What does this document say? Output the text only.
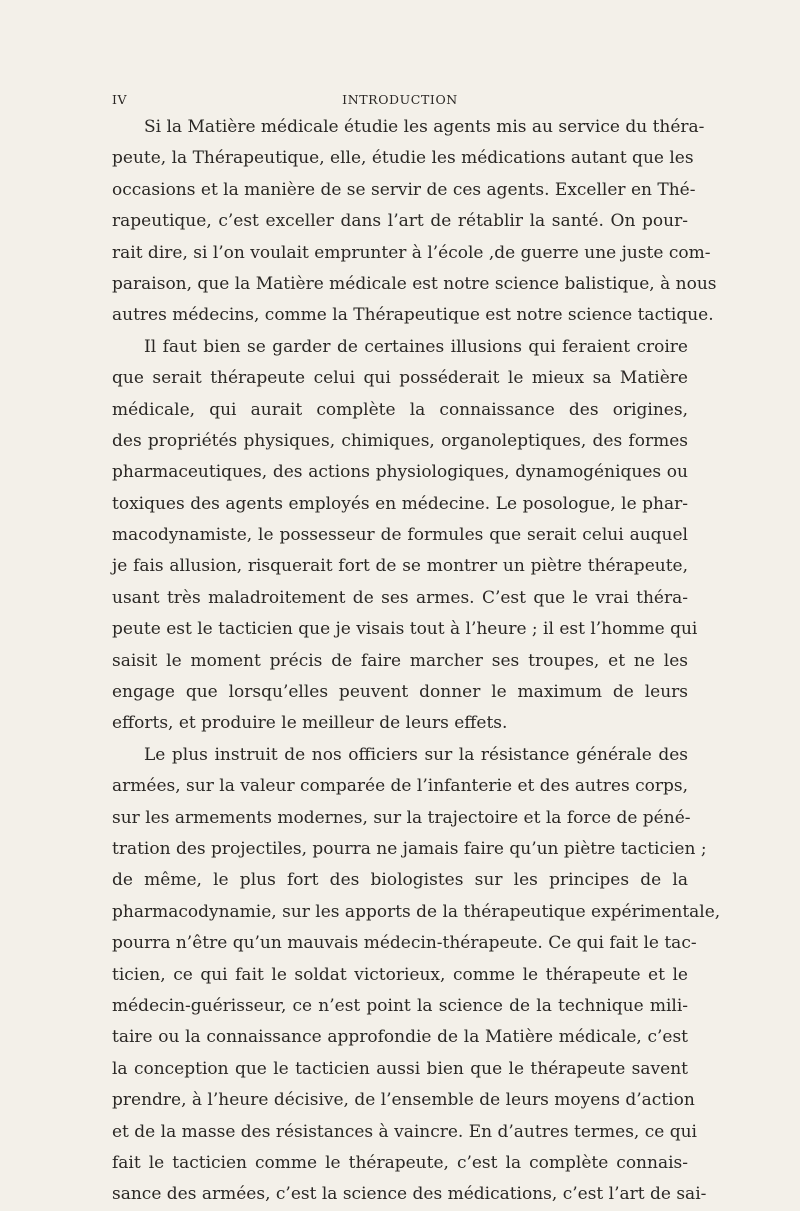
IV	INTRODUCTION
Si la Matière médicale étudie les agents mis au service du théra-
peute, la Thérapeutique, elle, étudie les médications autant que les
occasions et la manière de se servir de ces agents. Exceller en Thé-
rapeutique, c’est exceller dans l’art de rétablir la santé. On pour-
rait dire, si l’on voulait emprunter à l’école ,de guerre une juste com-
paraison, que la Matière médicale est notre science balistique, à nous
autres médecins, comme la Thérapeutique est notre science tactique.
Il faut bien se garder de certaines illusions qui feraient croire
que serait thérapeute celui qui posséderait le mieux sa Matière
médicale, qui aurait complète la connaissance des origines,
des propriétés physiques, chimiques, organoleptiques, des formes
pharmaceutiques, des actions physiologiques, dynamogéniques ou
toxiques des agents employés en médecine. Le posologue, le phar-
macodynamiste, le possesseur de formules que serait celui auquel
je fais allusion, risquerait fort de se montrer un piètre thérapeute,
usant très maladroitement de ses armes. C’est que le vrai théra-
peute est le tacticien que je visais tout à l’heure ; il est l’homme qui
saisit le moment précis de faire marcher ses troupes, et ne les
engage que lorsqu’elles peuvent donner le maximum de leurs
efforts, et produire le meilleur de leurs effets.
Le plus instruit de nos officiers sur la résistance générale des
armées, sur la valeur comparée de l’infanterie et des autres corps,
sur les armements modernes, sur la trajectoire et la force de péné-
tration des projectiles, pourra ne jamais faire qu’un piètre tacticien ;
de même, le plus fort des biologistes sur les principes de la
pharmacodynamie, sur les apports de la thérapeutique expérimentale,
pourra n’être qu’un mauvais médecin-thérapeute. Ce qui fait le tac-
ticien, ce qui fait le soldat victorieux, comme le thérapeute et le
médecin-guérisseur, ce n’est point la science de la technique mili-
taire ou la connaissance approfondie de la Matière médicale, c’est
la conception que le tacticien aussi bien que le thérapeute savent
prendre, à l’heure décisive, de l’ensemble de leurs moyens d’action
et de la masse des résistances à vaincre. En d’autres termes, ce qui
fait le tacticien comme le thérapeute, c’est la complète connais-
sance des armées, c’est la science des médications, c’est l’art de sai-
